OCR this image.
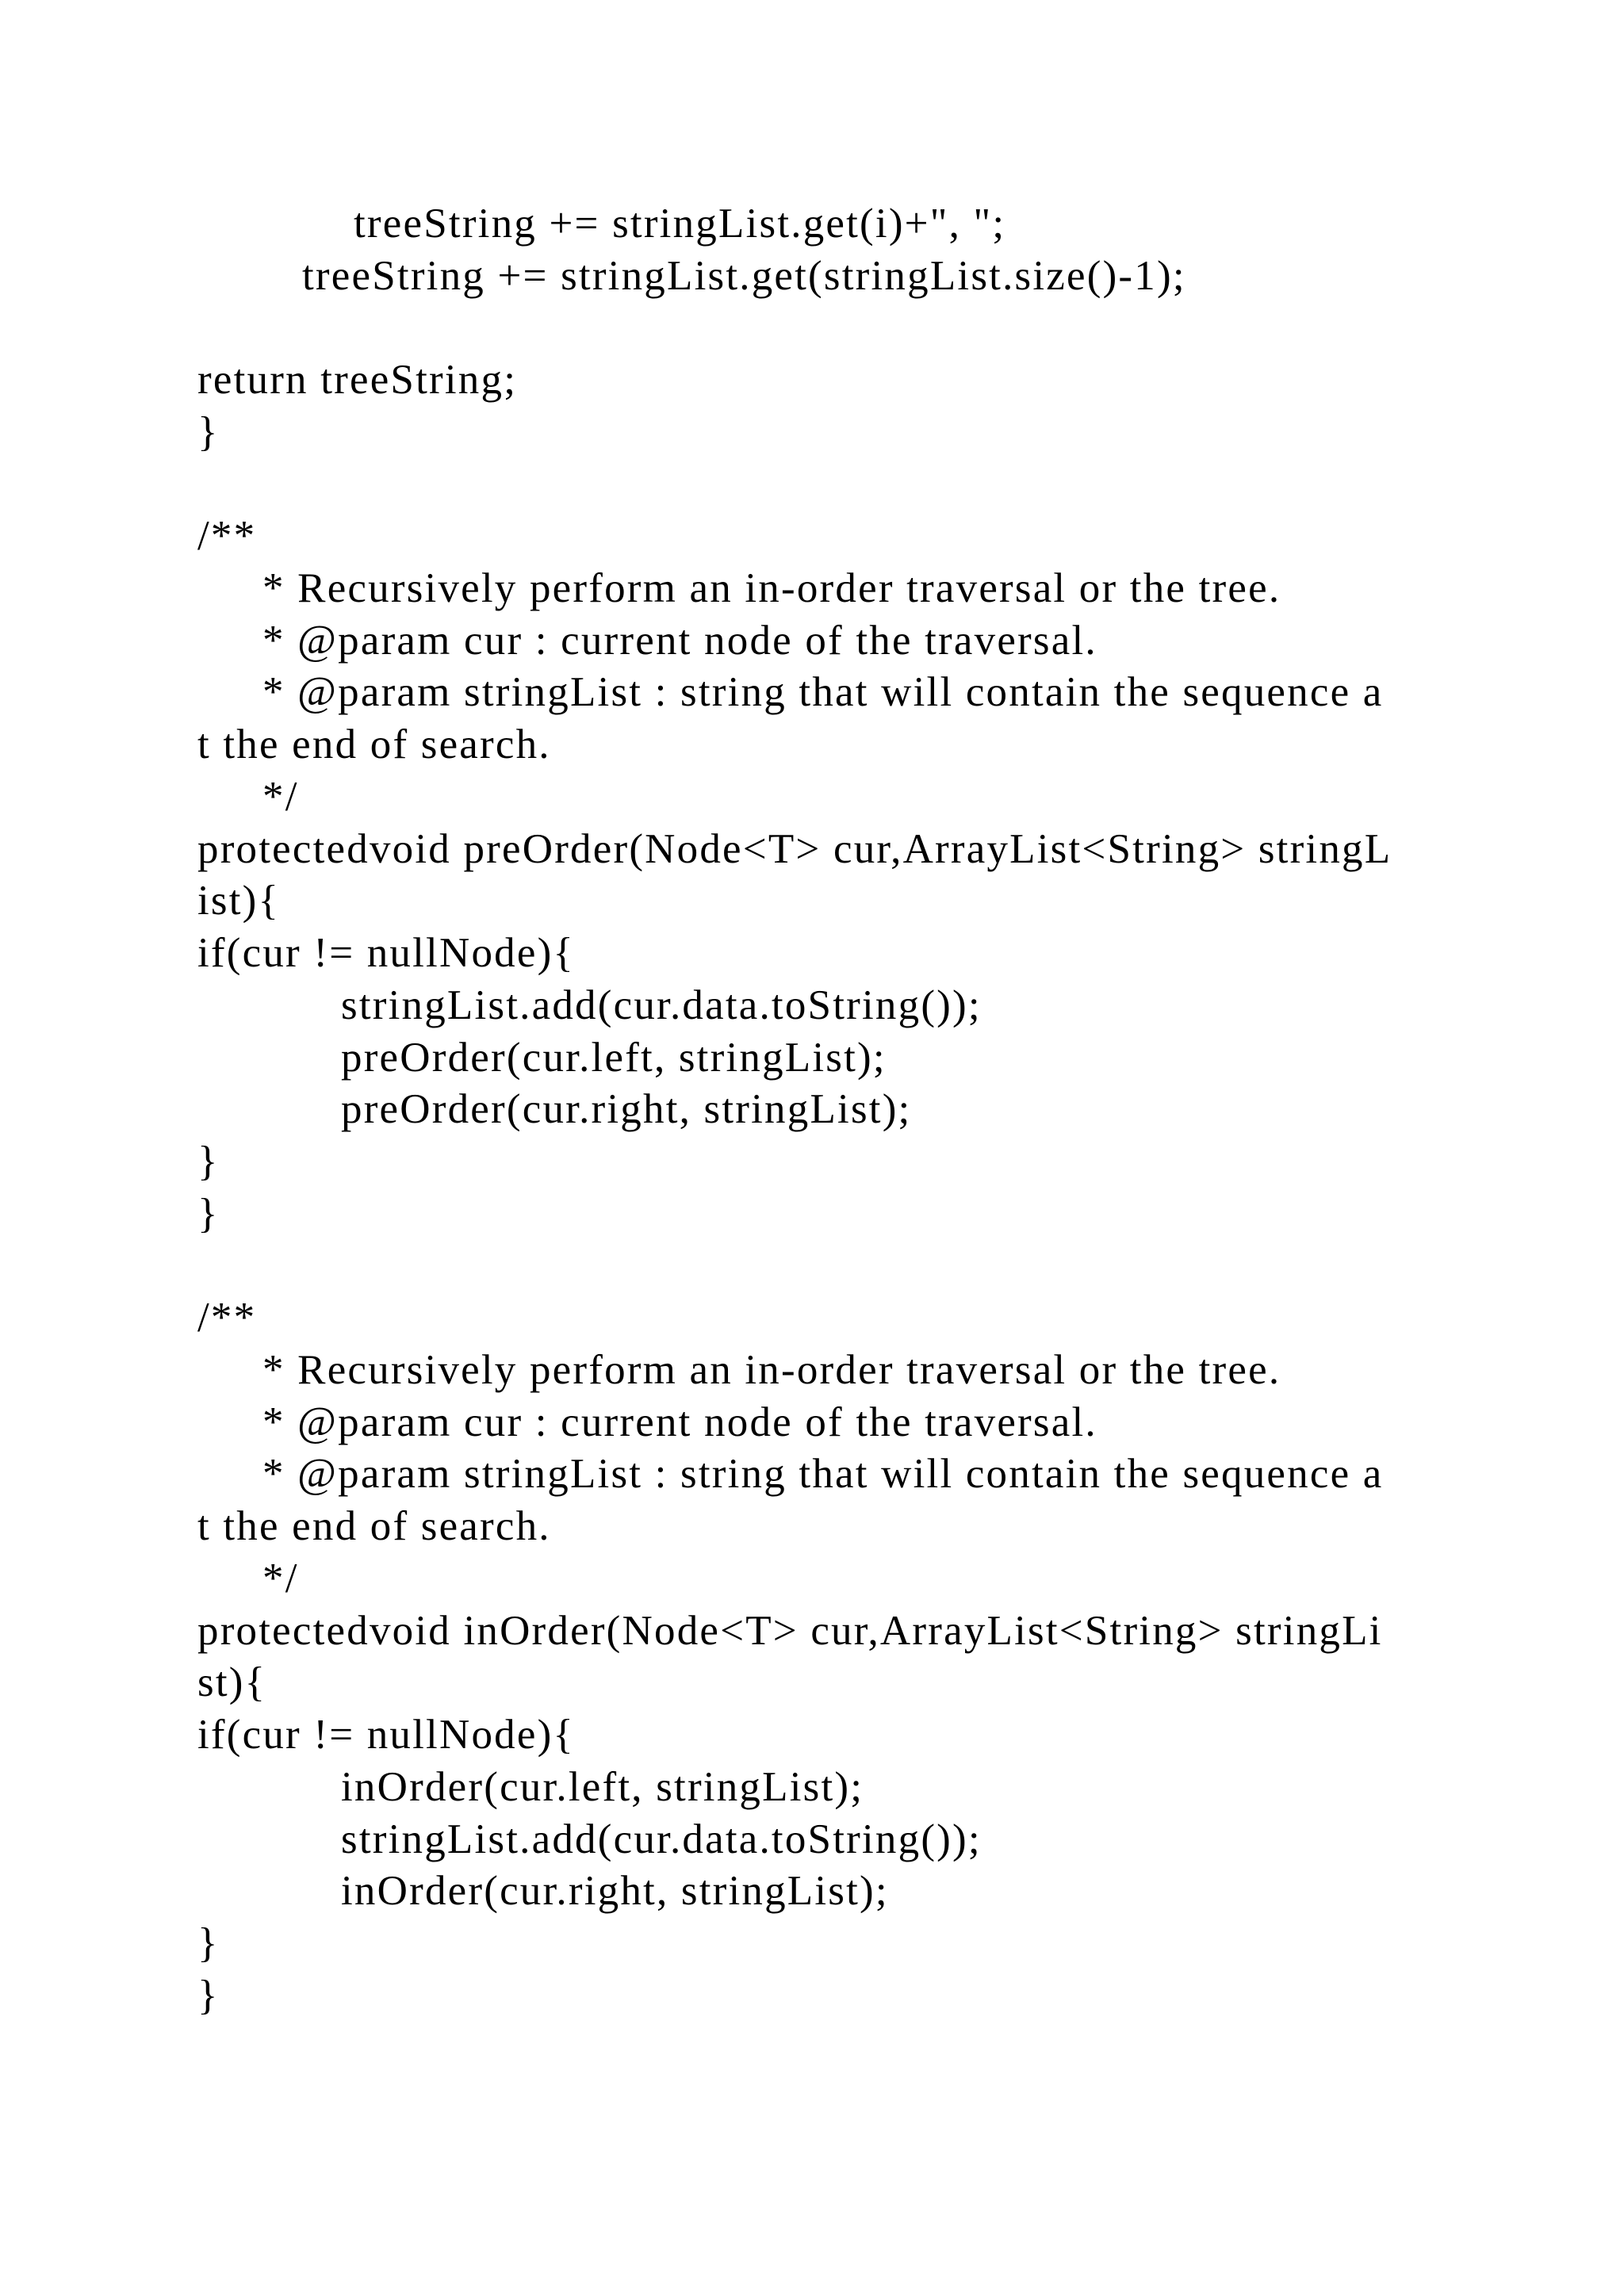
treeString += stringList.get(i)+", ";
treeString += stringList.get(stringList.size()-1);
return treeString;
}
/**
* Recursively perform an in-order traversal or the tree.
* @param cur : current node of the traversal.
* @param stringList : string that will contain the sequence a
t the end of search.
*/
protectedvoid preOrder(Node<T> cur,ArrayList<String> stringL
ist){
if(cur != nullNode){
stringList.add(cur.data.toString());
preOrder(cur.left, stringList);
preOrder(cur.right, stringList);
}
}
/**
* Recursively perform an in-order traversal or the tree.
* @param cur : current node of the traversal.
* @param stringList : string that will contain the sequence a
t the end of search.
*/
protectedvoid inOrder(Node<T> cur,ArrayList<String> stringLi
st){
if(cur != nullNode){
inOrder(cur.left, stringList);
stringList.add(cur.data.toString());
inOrder(cur.right, stringList);
}
}
